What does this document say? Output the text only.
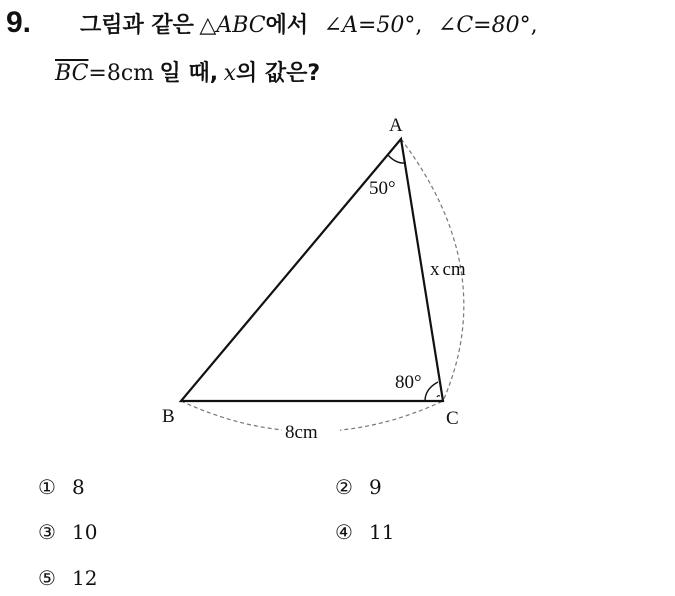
9. 그림과 같은 △ABC에서 ∠A=50°, ∠C=80°,
$\overline{BC}=8cm$ 일 때, x의 값은?
A
B	C
50°
80°
x cm
8cm
① 8	② 9
③ 10	④ 11
⑤ 12
